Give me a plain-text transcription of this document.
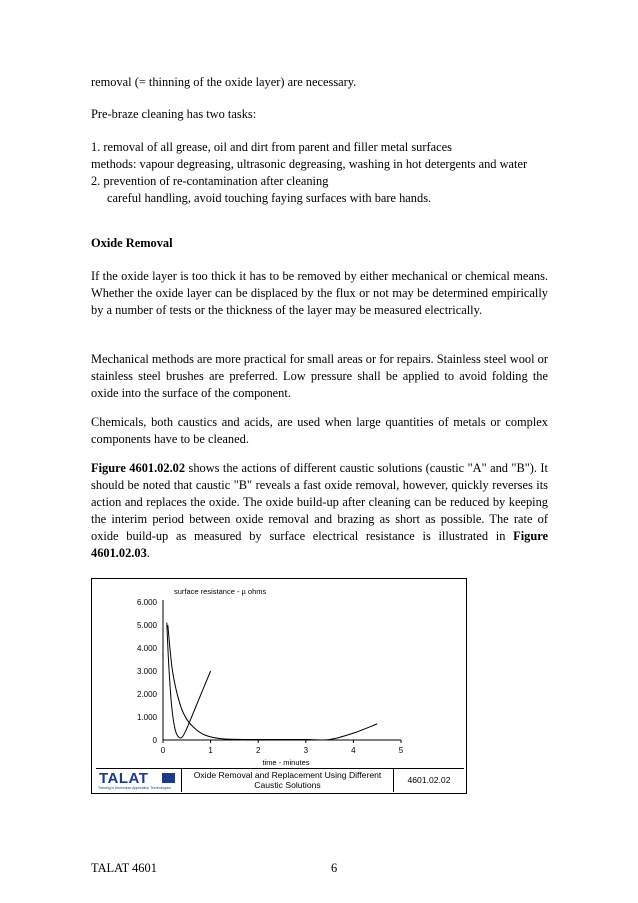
removal (= thinning of the oxide layer) are necessary.
Pre-braze cleaning has two tasks:
1. removal of all grease, oil and dirt from parent and filler metal surfaces
methods: vapour degreasing, ultrasonic degreasing, washing in hot detergents and water
2. prevention of re-contamination after cleaning
careful handling, avoid touching faying surfaces with bare hands.
Oxide Removal
If the oxide layer is too thick it has to be removed by either mechanical or chemical means. Whether the oxide layer can be displaced by the flux or not may be determined empirically by a number of tests or the thickness of the layer may be measured electrically.
Mechanical methods are more practical for small areas or for repairs. Stainless steel wool or stainless steel brushes are preferred. Low pressure shall be applied to avoid folding the oxide into the surface of the component.
Chemicals, both caustics and acids, are used when large quantities of metals or complex components have to be cleaned.
Figure 4601.02.02 shows the actions of different caustic solutions (caustic "A" and "B"). It should be noted that caustic "B" reveals a fast oxide removal, however, quickly reverses its action and replaces the oxide. The oxide build-up after cleaning can be reduced by keeping the interim period between oxide removal and brazing as short as possible. The rate of oxide build-up as measured by surface electrical resistance is illustrated in Figure 4601.02.03.
0
1.000
2.000
3.000
4.000
5.000
6.000
0	1	2	3	4	5
surface resistance - µ ohms
time - minutes
TALAT
Training in Aluminium Application Technologies
Oxide Removal and Replacement Using Different Caustic Solutions	4601.02.02
TALAT 4601	6
